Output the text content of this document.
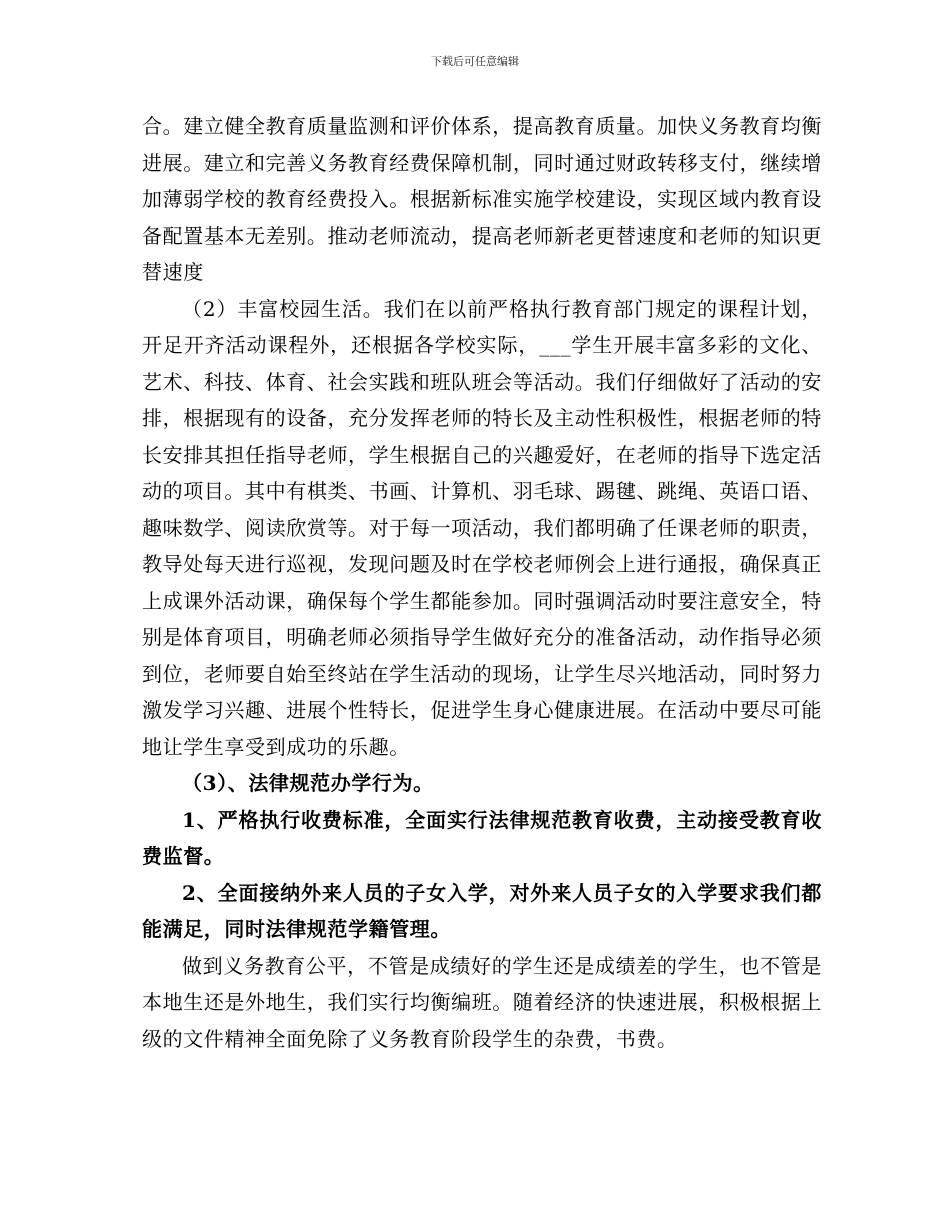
下载后可任意编辑

合。建立健全教育质量监测和评价体系，提高教育质量。加快义务教育均衡进展。建立和完善义务教育经费保障机制，同时通过财政转移支付，继续增加薄弱学校的教育经费投入。根据新标准实施学校建设，实现区域内教育设备配置基本无差别。推动老师流动，提高老师新老更替速度和老师的知识更替速度

（2）丰富校园生活。我们在以前严格执行教育部门规定的课程计划，开足开齐活动课程外，还根据各学校实际，___学生开展丰富多彩的文化、艺术、科技、体育、社会实践和班队班会等活动。我们仔细做好了活动的安排，根据现有的设备，充分发挥老师的特长及主动性积极性，根据老师的特长安排其担任指导老师，学生根据自己的兴趣爱好，在老师的指导下选定活动的项目。其中有棋类、书画、计算机、羽毛球、踢毽、跳绳、英语口语、趣味数学、阅读欣赏等。对于每一项活动，我们都明确了任课老师的职责，教导处每天进行巡视，发现问题及时在学校老师例会上进行通报，确保真正上成课外活动课，确保每个学生都能参加。同时强调活动时要注意安全，特别是体育项目，明确老师必须指导学生做好充分的准备活动，动作指导必须到位，老师要自始至终站在学生活动的现场，让学生尽兴地活动，同时努力激发学习兴趣、进展个性特长，促进学生身心健康进展。在活动中要尽可能地让学生享受到成功的乐趣。

（3）、法律规范办学行为。

1、严格执行收费标准，全面实行法律规范教育收费，主动接受教育收费监督。

2、全面接纳外来人员的子女入学，对外来人员子女的入学要求我们都能满足，同时法律规范学籍管理。

做到义务教育公平，不管是成绩好的学生还是成绩差的学生，也不管是本地生还是外地生，我们实行均衡编班。随着经济的快速进展，积极根据上级的文件精神全面免除了义务教育阶段学生的杂费，书费。
